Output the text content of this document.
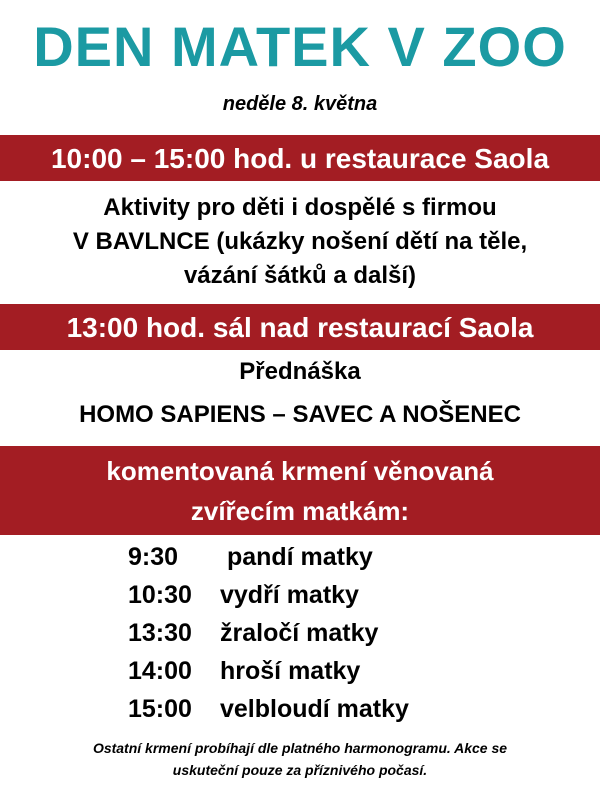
DEN MATEK V ZOO
neděle 8. května
10:00 – 15:00 hod. u restaurace Saola
Aktivity pro děti i dospělé s firmou
V BAVLNCE (ukázky nošení dětí na těle,
vázání šátků a další)
13:00 hod. sál nad restaurací Saola
Přednáška
HOMO SAPIENS – SAVEC A NOŠENEC
komentovaná krmení věnovaná
zvířecím matkám:
9:30 pandí matky
10:30 vydří matky
13:30 žraločí matky
14:00 hroší matky
15:00 velbloudí matky
Ostatní krmení probíhají dle platného harmonogramu. Akce se
uskuteční pouze za příznivého počasí.
